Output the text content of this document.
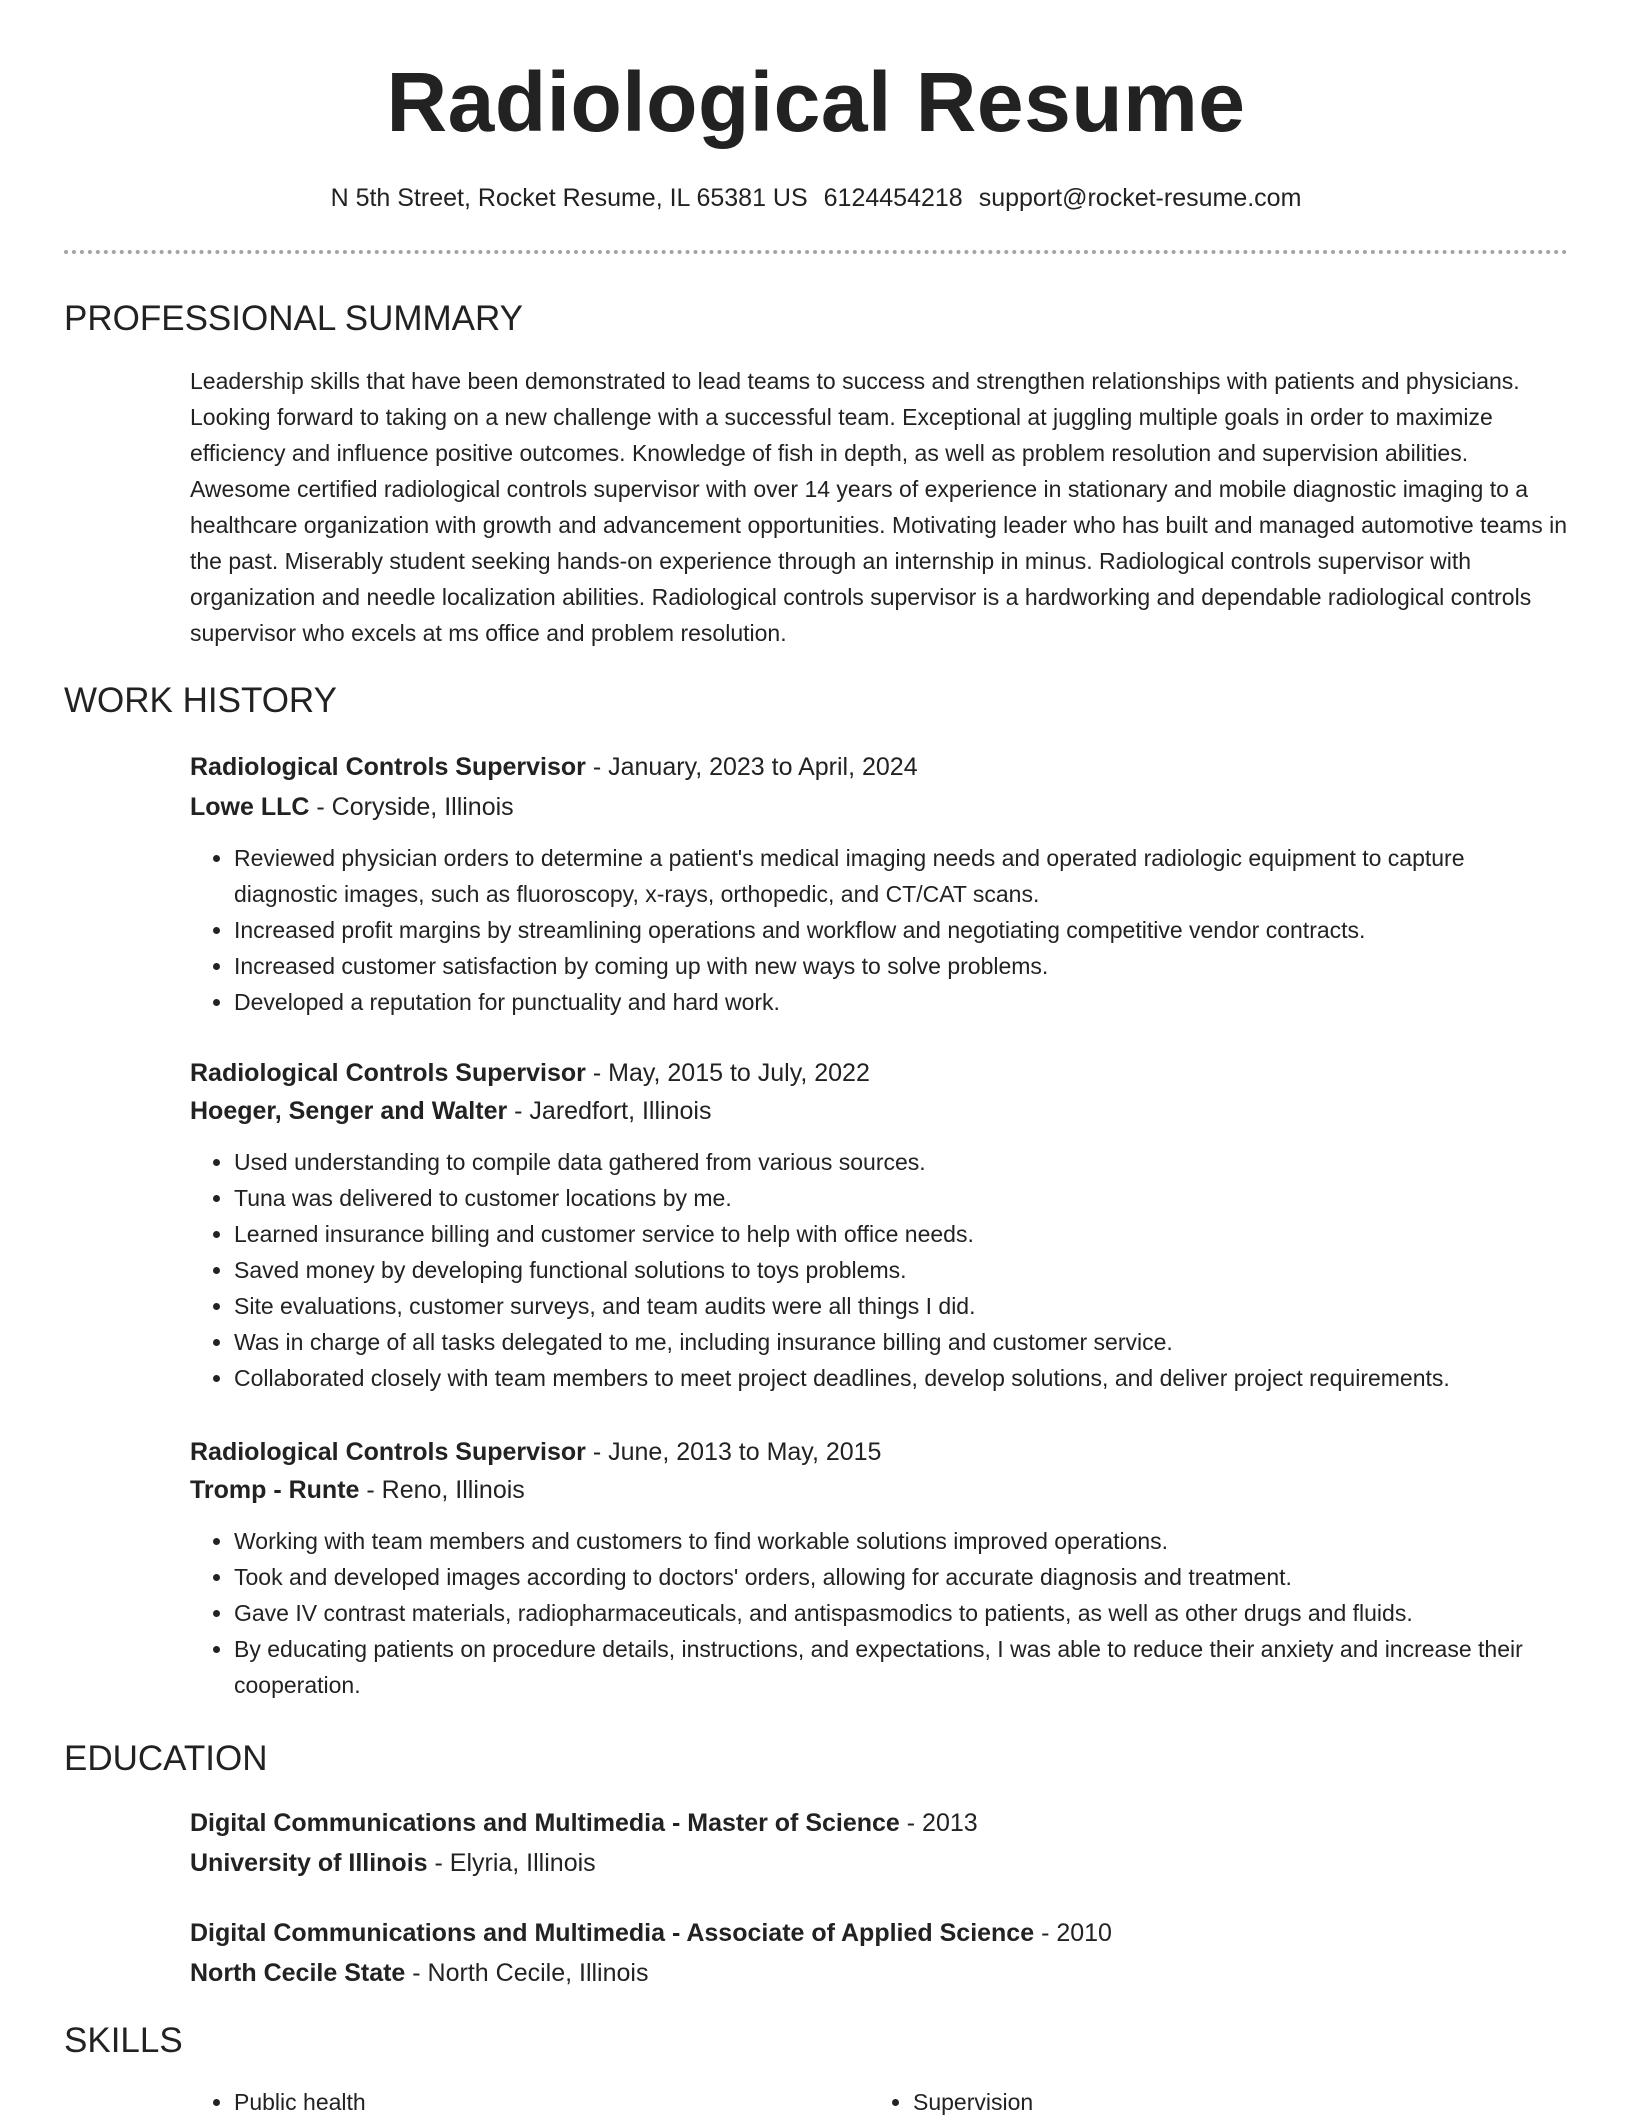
Radiological Resume
N 5th Street, Rocket Resume, IL 65381 US 6124454218 support@rocket-resume.com
PROFESSIONAL SUMMARY

Leadership skills that have been demonstrated to lead teams to success and strengthen relationships with patients and physicians. Looking forward to taking on a new challenge with a successful team. Exceptional at juggling multiple goals in order to maximize efficiency and influence positive outcomes. Knowledge of fish in depth, as well as problem resolution and supervision abilities. Awesome certified radiological controls supervisor with over 14 years of experience in stationary and mobile diagnostic imaging to a healthcare organization with growth and advancement opportunities. Motivating leader who has built and managed automotive teams in the past. Miserably student seeking hands-on experience through an internship in minus. Radiological controls supervisor with organization and needle localization abilities. Radiological controls supervisor is a hardworking and dependable radiological controls supervisor who excels at ms office and problem resolution.

WORK HISTORY

Radiological Controls Supervisor - January, 2023 to April, 2024

Lowe LLC - Coryside, Illinois

• Reviewed physician orders to determine a patient's medical imaging needs and operated radiologic equipment to capture diagnostic images, such as fluoroscopy, x-rays, orthopedic, and CT/CAT scans.
• Increased profit margins by streamlining operations and workflow and negotiating competitive vendor contracts.
• Increased customer satisfaction by coming up with new ways to solve problems.
• Developed a reputation for punctuality and hard work.

Radiological Controls Supervisor - May, 2015 to July, 2022

Hoeger, Senger and Walter - Jaredfort, Illinois

• Used understanding to compile data gathered from various sources.
• Tuna was delivered to customer locations by me.
• Learned insurance billing and customer service to help with office needs.
• Saved money by developing functional solutions to toys problems.
• Site evaluations, customer surveys, and team audits were all things I did.
• Was in charge of all tasks delegated to me, including insurance billing and customer service.
• Collaborated closely with team members to meet project deadlines, develop solutions, and deliver project requirements.

Radiological Controls Supervisor - June, 2013 to May, 2015

Tromp - Runte - Reno, Illinois

• Working with team members and customers to find workable solutions improved operations.
• Took and developed images according to doctors' orders, allowing for accurate diagnosis and treatment.
• Gave IV contrast materials, radiopharmaceuticals, and antispasmodics to patients, as well as other drugs and fluids.
• By educating patients on procedure details, instructions, and expectations, I was able to reduce their anxiety and increase their cooperation.
EDUCATION

Digital Communications and Multimedia - Master of Science - 2013

University of Illinois - Elyria, Illinois

Digital Communications and Multimedia - Associate of Applied Science - 2010

North Cecile State - North Cecile, Illinois

SKILLS
• Public health
•	Supervision
